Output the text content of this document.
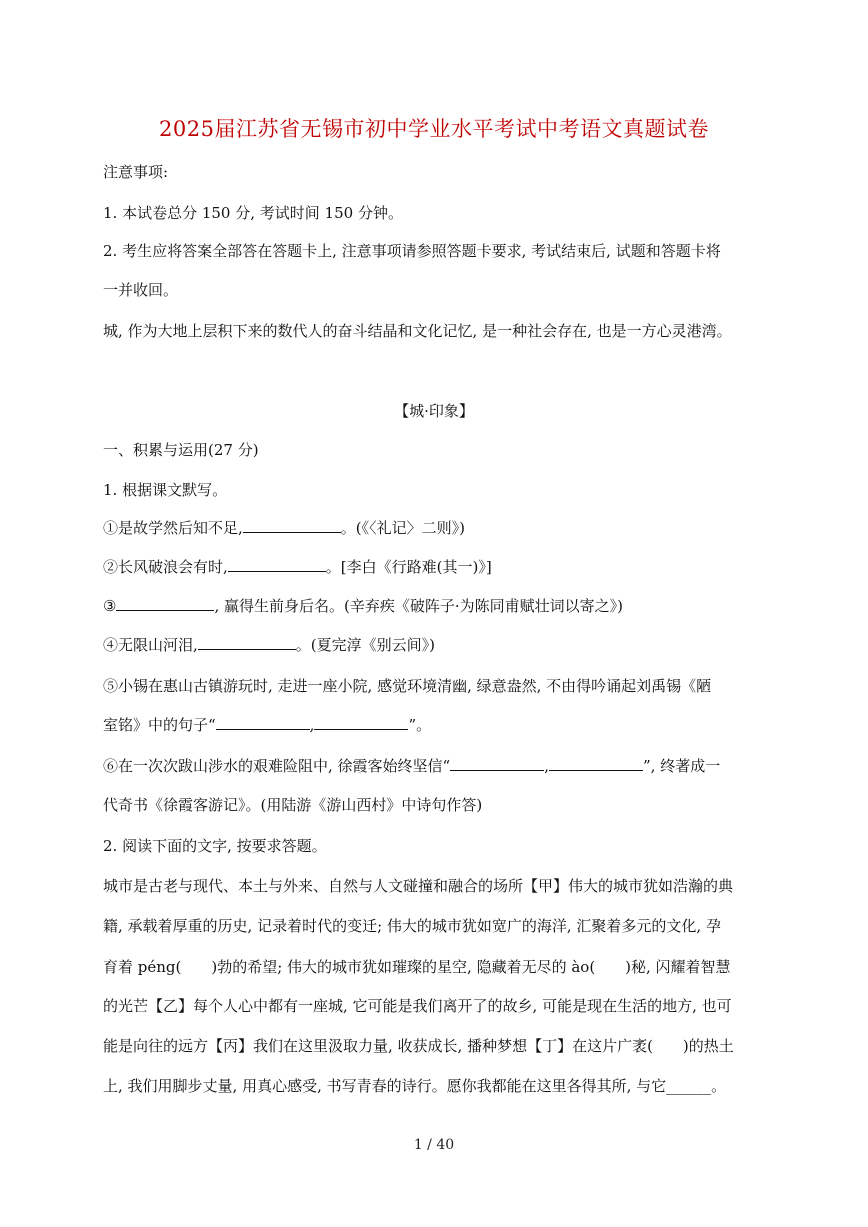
2025届江苏省无锡市初中学业水平考试中考语文真题试卷
注意事项:
1. 本试卷总分 150 分, 考试时间 150 分钟。
2. 考生应将答案全部答在答题卡上, 注意事项请参照答题卡要求, 考试结束后, 试题和答题卡将
一并收回。
城, 作为大地上层积下来的数代人的奋斗结晶和文化记忆, 是一种社会存在, 也是一方心灵港湾。
【城·印象】
一、积累与运用(27 分)
1. 根据课文默写。
①是故学然后知不足,	。(《〈礼记〉二则》)
②长风破浪会有时,	。[李白《行路难(其一)》]
③	, 赢得生前身后名。(辛弃疾《破阵子·为陈同甫赋壮词以寄之》)
④无限山河泪,	。(夏完淳《别云间》)
⑤小锡在惠山古镇游玩时, 走进一座小院, 感觉环境清幽, 绿意盎然, 不由得吟诵起刘禹锡《陋
室铭》中的句子“	,	”。
⑥在一次次跋山涉水的艰难险阻中, 徐霞客始终坚信“	,	”, 终著成一
代奇书《徐霞客游记》。(用陆游《游山西村》中诗句作答)
2. 阅读下面的文字, 按要求答题。
城市是古老与现代、本土与外来、自然与人文碰撞和融合的场所【甲】伟大的城市犹如浩瀚的典
籍, 承载着厚重的历史, 记录着时代的变迁; 伟大的城市犹如宽广的海洋, 汇聚着多元的文化, 孕
育着 péng(　　)勃的希望; 伟大的城市犹如璀璨的星空, 隐藏着无尽的 ào(　　)秘, 闪耀着智慧
的光芒【乙】每个人心中都有一座城, 它可能是我们离开了的故乡, 可能是现在生活的地方, 也可
能是向往的远方【丙】我们在这里汲取力量, 收获成长, 播种梦想【丁】在这片广袤(　　)的热土
上, 我们用脚步丈量, 用真心感受, 书写青春的诗行。愿你我都能在这里各得其所, 与它______。
1 / 40
